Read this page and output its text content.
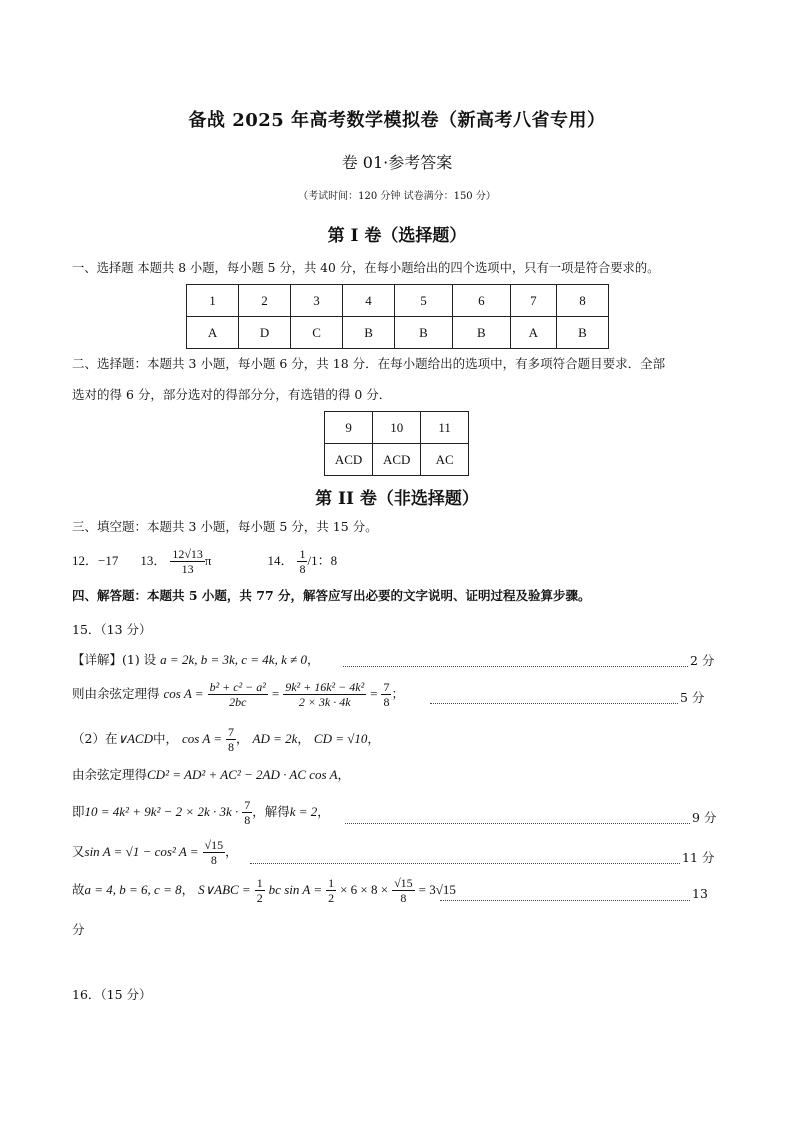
备战 2025 年高考数学模拟卷（新高考八省专用）
卷 01·参考答案
（考试时间：120 分钟 试卷满分：150 分）
第 I 卷（选择题）
一、选择题 本题共 8 小题，每小题 5 分，共 40 分，在每小题给出的四个选项中，只有一项是符合要求的。
1	2	3	4	5	6	7	8
A	D	C	B	B	B	A	B
二、选择题：本题共 3 小题，每小题 6 分，共 18 分．在每小题给出的选项中，有多项符合题目要求．全部
选对的得 6 分，部分选对的得部分分，有选错的得 0 分．
9	10	11
ACD	ACD	AC
第 II 卷（非选择题）
三、填空题：本题共 3 小题，每小题 5 分，共 15 分。
12．−17 13． $\frac{12√13}{13}$ π	14． $\frac{1}{8} /1$：8
四、解答题：本题共 5 小题，共 77 分，解答应写出必要的文字说明、证明过程及验算步骤。
15．（13 分）
【详解】(1) 设 a = 2k, b = 3k, c = 4k, k ≠ 0，	2 分
则由余弦定理得 $\cos A = \frac{\text{b² + c² − a²}}{2bc} = \frac{\text{9k² + 16k² − 4k²}}{2 \times 3k \cdot 4k} = \frac{7}{8}$ ；	5 分
（2）在∨ACD中， $\cos A = \frac{7}{8}$ ， AD = 2k， CD = √10，
由余弦定理得CD² = AD² + AC² − 2AD · AC cos A，
即$10 = 4k^2 + 9k^2 - 2 \times 2k \cdot 3k \cdot \frac{7}{8}$ ，解得k = 2，	9 分
又sin A = √1 − cos² $A = \frac{√15}{8}$ ，	11 分
故a = 4, b = 6, c = 8， S∨ABC = $\frac{1}{2}$ bc $\sin A = \frac{1}{2} \times 6 \times 8 \times \frac{√15}{8} = 3√15$	13
分
16．（15 分）
